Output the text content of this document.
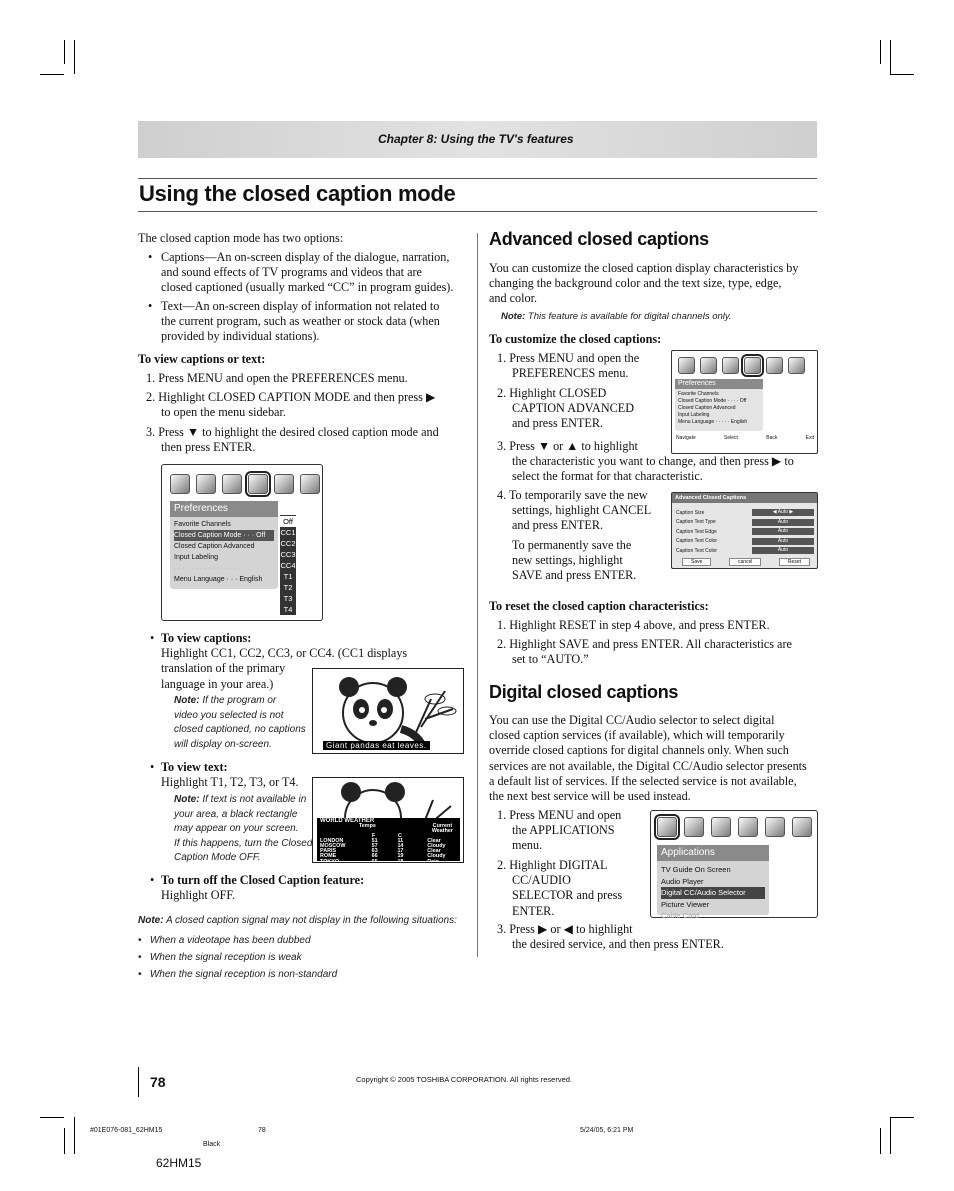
Chapter 8: Using the TV's features
Using the closed caption mode
The closed caption mode has two options:
• Captions—An on-screen display of the dialogue, narration,
and sound effects of TV programs and videos that are
closed captioned (usually marked “CC” in program guides).
• Text—An on-screen display of information not related to
the current program, such as weather or stock data (when
provided by individual stations).
To view captions or text:
1. Press MENU and open the PREFERENCES menu.
2. Highlight CLOSED CAPTION MODE and then press ▶
to open the menu sidebar.
3. Press ▼ to highlight the desired closed caption mode and
then press ENTER.
Preferences
Favorite Channels
Closed Caption Mode · · · Off
Closed Caption Advanced
Input Labeling
· · · · · · · · · · · · · · · ·
Menu Language · · · English
Off
CC1
CC2
CC3
CC4
T1
T2
T3
T4
• To view captions:
Highlight CC1, CC2, CC3, or CC4. (CC1 displays
translation of the primary
language in your area.)
Note: If the program or
video you selected is not
closed captioned, no captions
will display on-screen.	Giant pandas eat leaves.
• To view text:
Highlight T1, T2, T3, or T4.
Note: If text is not available in
your area, a black rectangle
may appear on your screen.
If this happens, turn the Closed
Caption Mode OFF.
WORLD WEATHER
Temps	Current Weather
F	C
LONDON	51	11	Clear
MOSCOW	57	14	Cloudy
PARIS	63	17	Clear
ROME	66	19	Cloudy
TOKYO	65	18	Rain
• To turn off the Closed Caption feature:
Highlight OFF.
Note: A closed caption signal may not display in the following situations:
•   When a videotape has been dubbed
•   When the signal reception is weak
•   When the signal reception is non-standard
Advanced closed captions
You can customize the closed caption display characteristics by
changing the background color and the text size, type, edge,
and color.
Note: This feature is available for digital channels only.
To customize the closed captions:
1. Press MENU and open the
PREFERENCES menu.
2. Highlight CLOSED
CAPTION ADVANCED
and press ENTER.
3. Press ▼ or ▲ to highlight
the characteristic you want to change, and then press ▶ to
select the format for that characteristic.
4. To temporarily save the new
settings, highlight CANCEL
and press ENTER.
To permanently save the
new settings, highlight
SAVE and press ENTER.
Preferences
Favorite Channels
Closed Caption Mode · · · · Off
Closed Caption Advanced
Input Labeling
Menu Language · · · · · English
Navigate	Select	Back	Exit
Advanced Closed Captions
Caption Size	◀ Auto ▶
Caption Text Type	Auto
Caption Text Edge	Auto
Caption Text Color	Auto
Caption Text Color	Auto
Save	cancel	Reset
To reset the closed caption characteristics:
1. Highlight RESET in step 4 above, and press ENTER.
2. Highlight SAVE and press ENTER. All characteristics are
set to “AUTO.”
Digital closed captions
You can use the Digital CC/Audio selector to select digital
closed caption services (if available), which will temporarily
override closed captions for digital channels only. When such
services are not available, the Digital CC/Audio selector presents
a default list of services. If the selected service is not available,
the next best service will be used instead.
1. Press MENU and open
the APPLICATIONS
menu.
2. Highlight DIGITAL
CC/AUDIO
SELECTOR and press
ENTER.
3. Press ▶ or ◀ to highlight
the desired service, and then press ENTER.
Applications
TV Guide On Screen
Audio Player
Digital CC/Audio Selector
Picture Viewer
Cable Card
78	Copyright © 2005 TOSHIBA CORPORATION. All rights reserved.
#01E076-081_62HM15	78	5/24/05, 6:21 PM
Black
62HM15
